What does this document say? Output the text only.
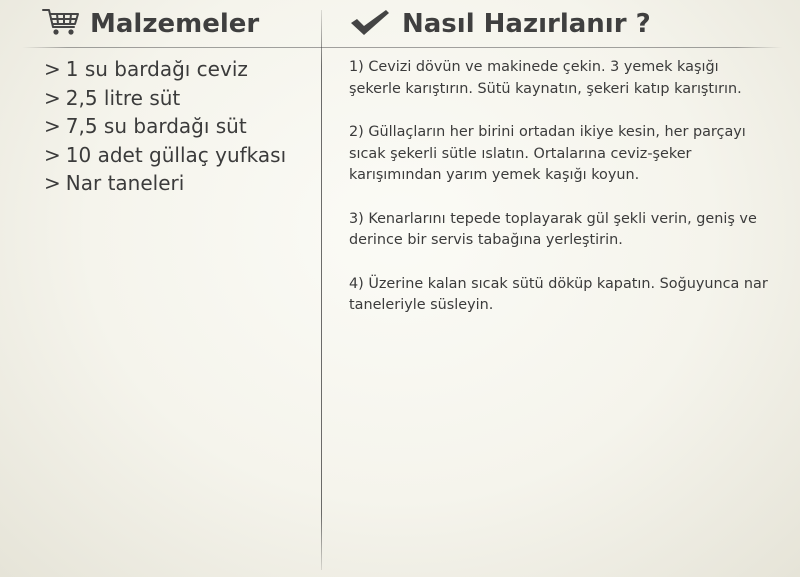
Malzemeler	Nasıl Hazırlanır ?
> 1 su bardağı ceviz
> 2,5 litre süt
> 7,5 su bardağı süt
> 10 adet güllaç yufkası
> Nar taneleri

1) Cevizi dövün ve makinede çekin. 3 yemek kaşığı şekerle karıştırın. Sütü kaynatın, şekeri katıp karıştırın.

2) Güllaçların her birini ortadan ikiye kesin, her parçayı sıcak şekerli sütle ıslatın. Ortalarına ceviz-şeker karışımından yarım yemek kaşığı koyun.

3) Kenarlarını tepede toplayarak gül şekli verin, geniş ve derince bir servis tabağına yerleştirin.

4) Üzerine kalan sıcak sütü döküp kapatın. Soğuyunca nar taneleriyle süsleyin.
